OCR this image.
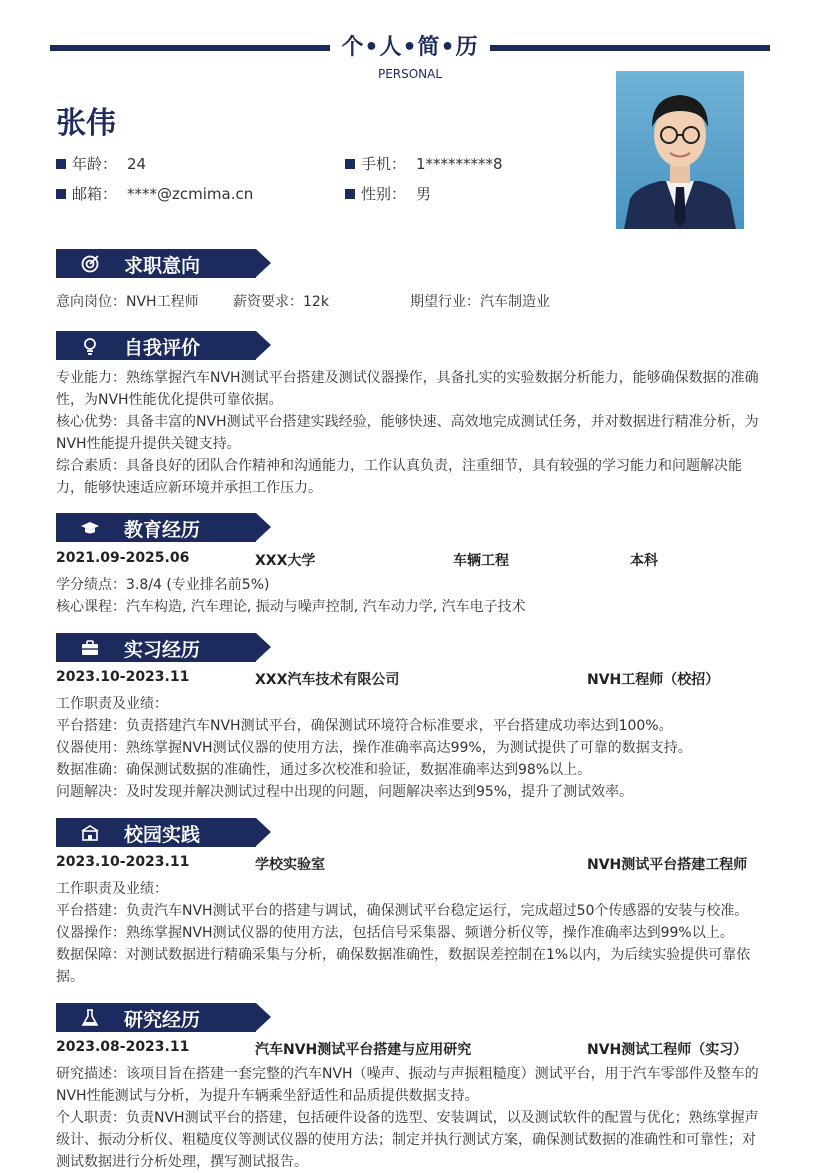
个•人•简•历
PERSONAL
张伟
年龄： 24	手机： 1*********8
邮箱： ****@zcmima.cn	性别： 男
求职意向
意向岗位：NVH工程师 薪资要求：12k	期望行业：汽车制造业
自我评价
专业能力：熟练掌握汽车NVH测试平台搭建及测试仪器操作，具备扎实的实验数据分析能力，能够确保数据的准确
性，为NVH性能优化提供可靠依据。
核心优势：具备丰富的NVH测试平台搭建实践经验，能够快速、高效地完成测试任务，并对数据进行精准分析，为
NVH性能提升提供关键支持。
综合素质：具备良好的团队合作精神和沟通能力，工作认真负责，注重细节，具有较强的学习能力和问题解决能
力，能够快速适应新环境并承担工作压力。
教育经历
2021.09-2025.06	XXX大学	车辆工程	本科
学分绩点：3.8/4 (专业排名前5%)
核心课程：汽车构造, 汽车理论, 振动与噪声控制, 汽车动力学, 汽车电子技术
实习经历
2023.10-2023.11	XXX汽车技术有限公司	NVH工程师（校招）
工作职责及业绩：
平台搭建：负责搭建汽车NVH测试平台，确保测试环境符合标准要求，平台搭建成功率达到100%。
仪器使用：熟练掌握NVH测试仪器的使用方法，操作准确率高达99%，为测试提供了可靠的数据支持。
数据准确：确保测试数据的准确性，通过多次校准和验证，数据准确率达到98%以上。
问题解决：及时发现并解决测试过程中出现的问题，问题解决率达到95%，提升了测试效率。
校园实践
2023.10-2023.11	学校实验室	NVH测试平台搭建工程师
工作职责及业绩：
平台搭建：负责汽车NVH测试平台的搭建与调试，确保测试平台稳定运行，完成超过50个传感器的安装与校准。
仪器操作：熟练掌握NVH测试仪器的使用方法，包括信号采集器、频谱分析仪等，操作准确率达到99%以上。
数据保障：对测试数据进行精确采集与分析，确保数据准确性，数据误差控制在1%以内，为后续实验提供可靠依
据。
研究经历
2023.08-2023.11	汽车NVH测试平台搭建与应用研究	NVH测试工程师（实习）
研究描述：该项目旨在搭建一套完整的汽车NVH（噪声、振动与声振粗糙度）测试平台，用于汽车零部件及整车的
NVH性能测试与分析，为提升车辆乘坐舒适性和品质提供数据支持。
个人职责：负责NVH测试平台的搭建，包括硬件设备的选型、安装调试，以及测试软件的配置与优化；熟练掌握声
级计、振动分析仪、粗糙度仪等测试仪器的使用方法；制定并执行测试方案，确保测试数据的准确性和可靠性；对
测试数据进行分析处理，撰写测试报告。
